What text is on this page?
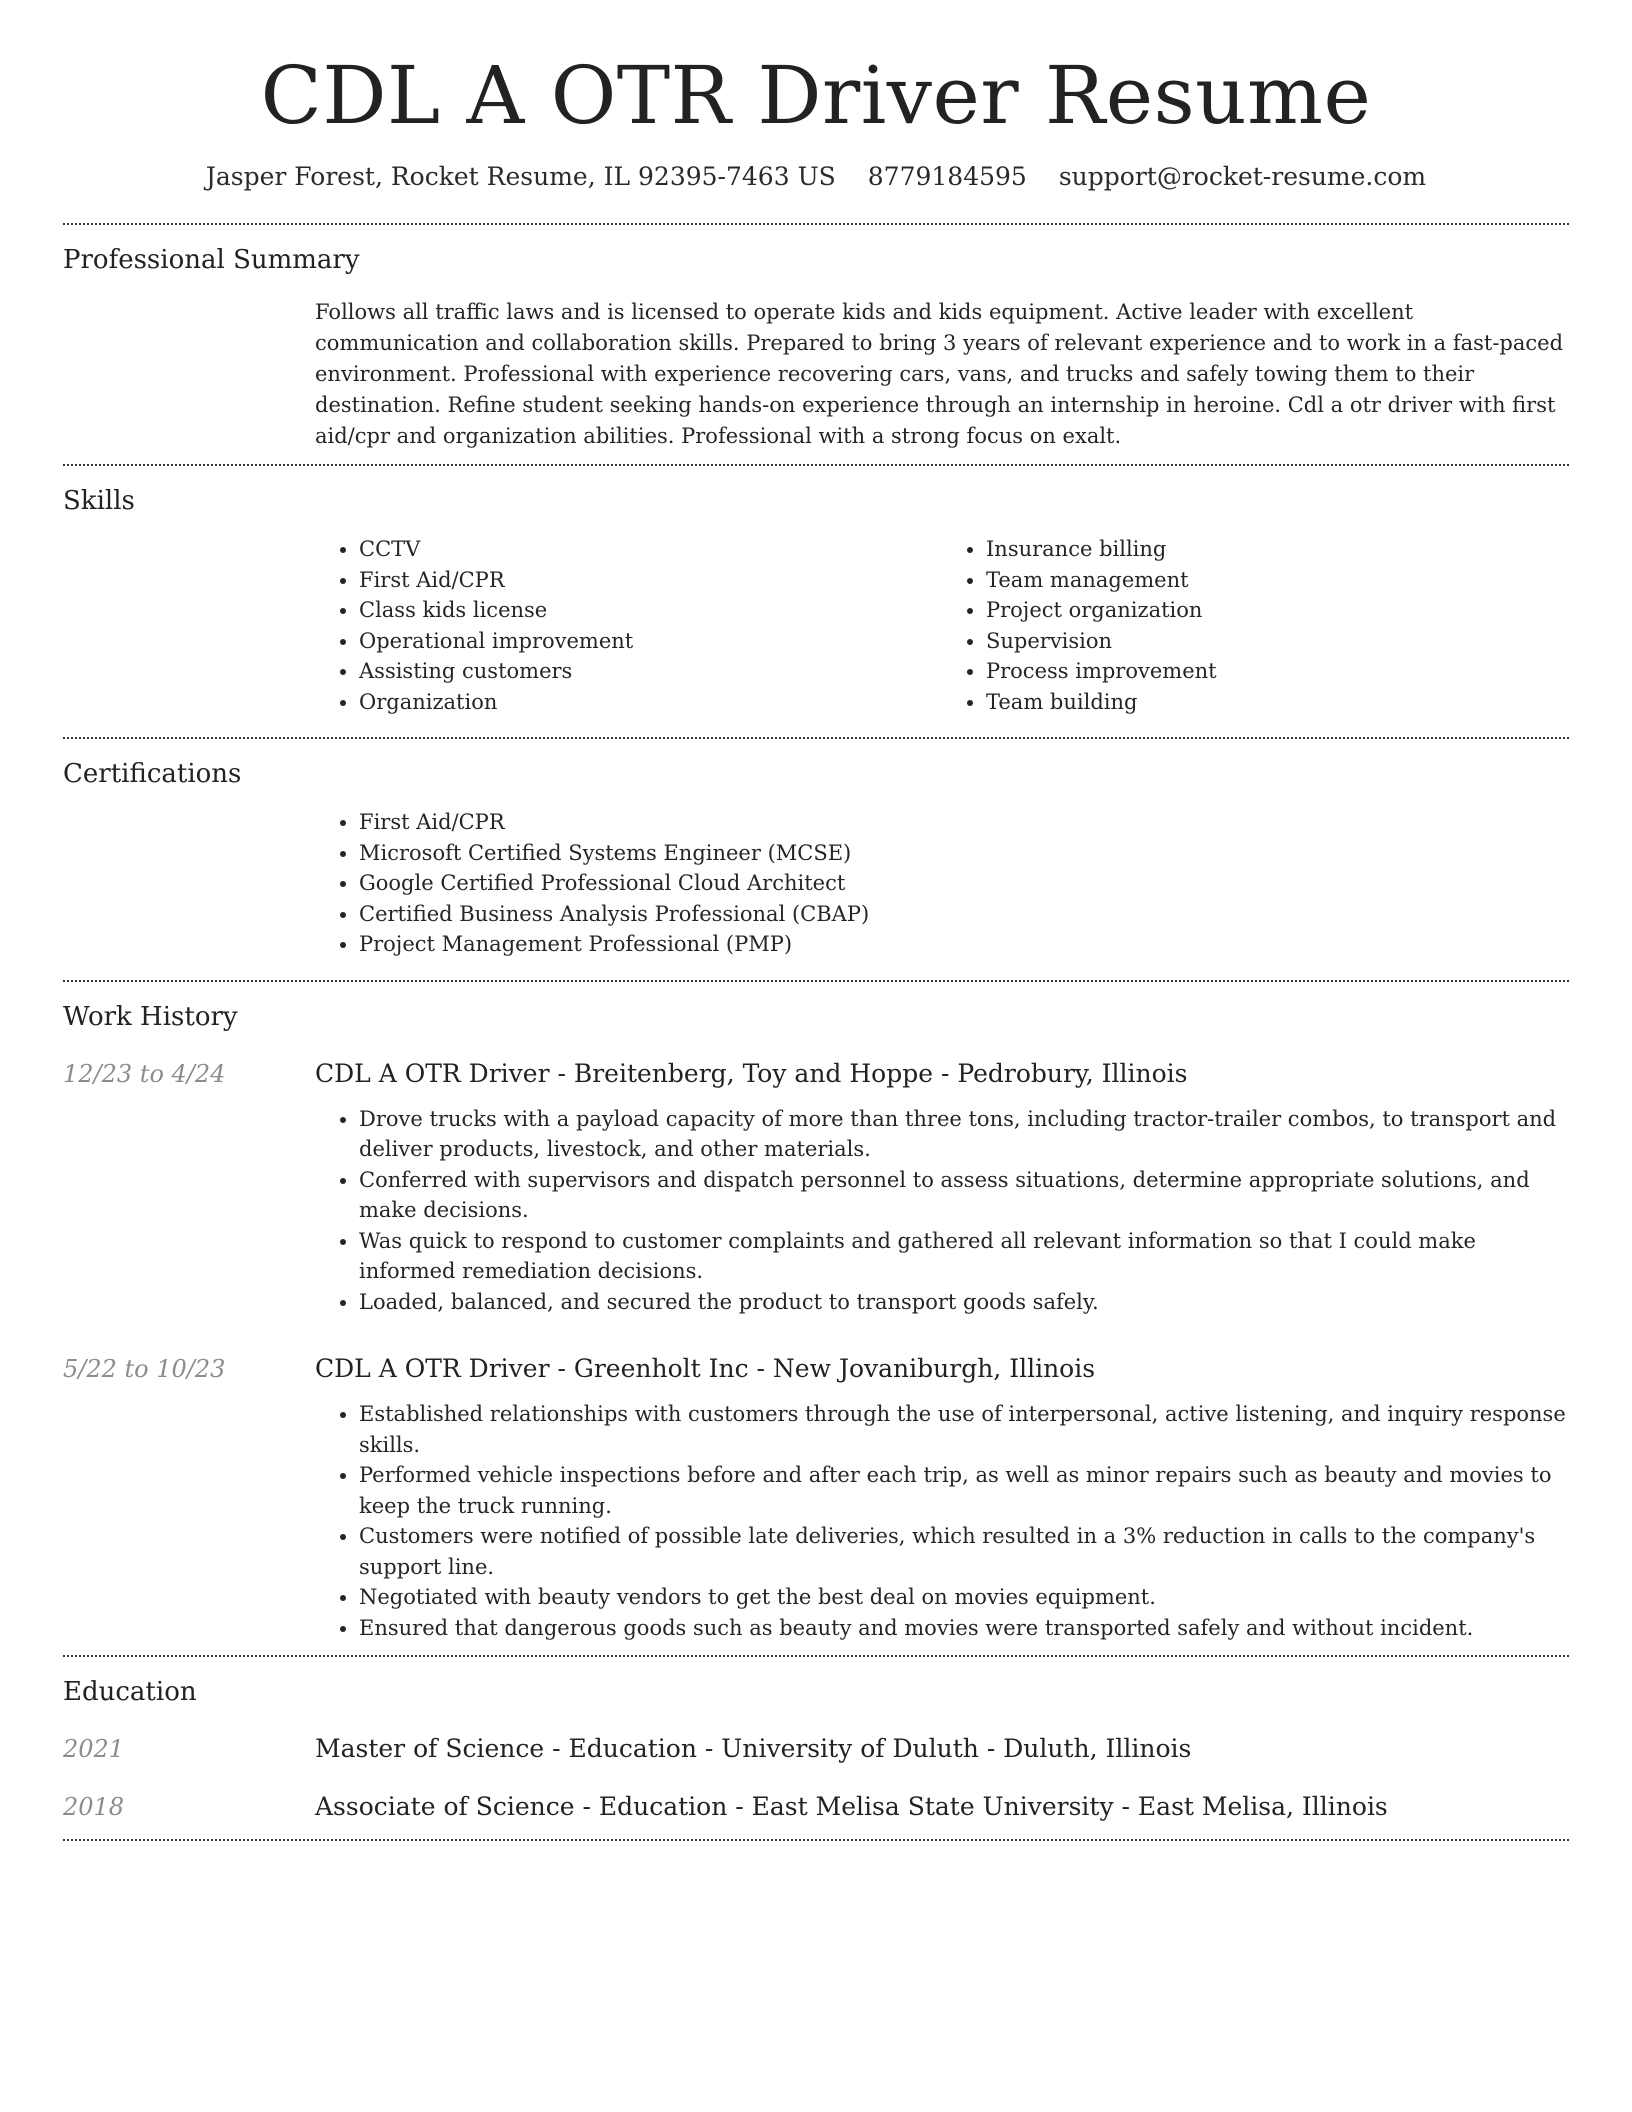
CDL A OTR Driver Resume
Jasper Forest, Rocket Resume, IL 92395-7463 US 8779184595 support@rocket-resume.com
Professional Summary
Follows all traffic laws and is licensed to operate kids and kids equipment. Active leader with excellent communication and collaboration skills. Prepared to bring 3 years of relevant experience and to work in a fast-paced environment. Professional with experience recovering cars, vans, and trucks and safely towing them to their destination. Refine student seeking hands-on experience through an internship in heroine. Cdl a otr driver with first aid/cpr and organization abilities. Professional with a strong focus on exalt.
Skills
• CCTV
• First Aid/CPR
• Class kids license
• Operational improvement
• Assisting customers
• Organization
• Insurance billing
• Team management
• Project organization
• Supervision
• Process improvement
• Team building
Certifications
• First Aid/CPR
• Microsoft Certified Systems Engineer (MCSE)
• Google Certified Professional Cloud Architect
• Certified Business Analysis Professional (CBAP)
• Project Management Professional (PMP)
Work History
12/23 to 4/24	CDL A OTR Driver - Breitenberg, Toy and Hoppe - Pedrobury, Illinois
• Drove trucks with a payload capacity of more than three tons, including tractor-trailer combos, to transport and deliver products, livestock, and other materials.
• Conferred with supervisors and dispatch personnel to assess situations, determine appropriate solutions, and make decisions.
• Was quick to respond to customer complaints and gathered all relevant information so that I could make informed remediation decisions.
• Loaded, balanced, and secured the product to transport goods safely.
5/22 to 10/23	CDL A OTR Driver - Greenholt Inc - New Jovaniburgh, Illinois
• Established relationships with customers through the use of interpersonal, active listening, and inquiry response skills.
• Performed vehicle inspections before and after each trip, as well as minor repairs such as beauty and movies to keep the truck running.
• Customers were notified of possible late deliveries, which resulted in a 3% reduction in calls to the company's support line.
• Negotiated with beauty vendors to get the best deal on movies equipment.
• Ensured that dangerous goods such as beauty and movies were transported safely and without incident.
Education
2021	Master of Science - Education - University of Duluth - Duluth, Illinois
2018	Associate of Science - Education - East Melisa State University - East Melisa, Illinois
